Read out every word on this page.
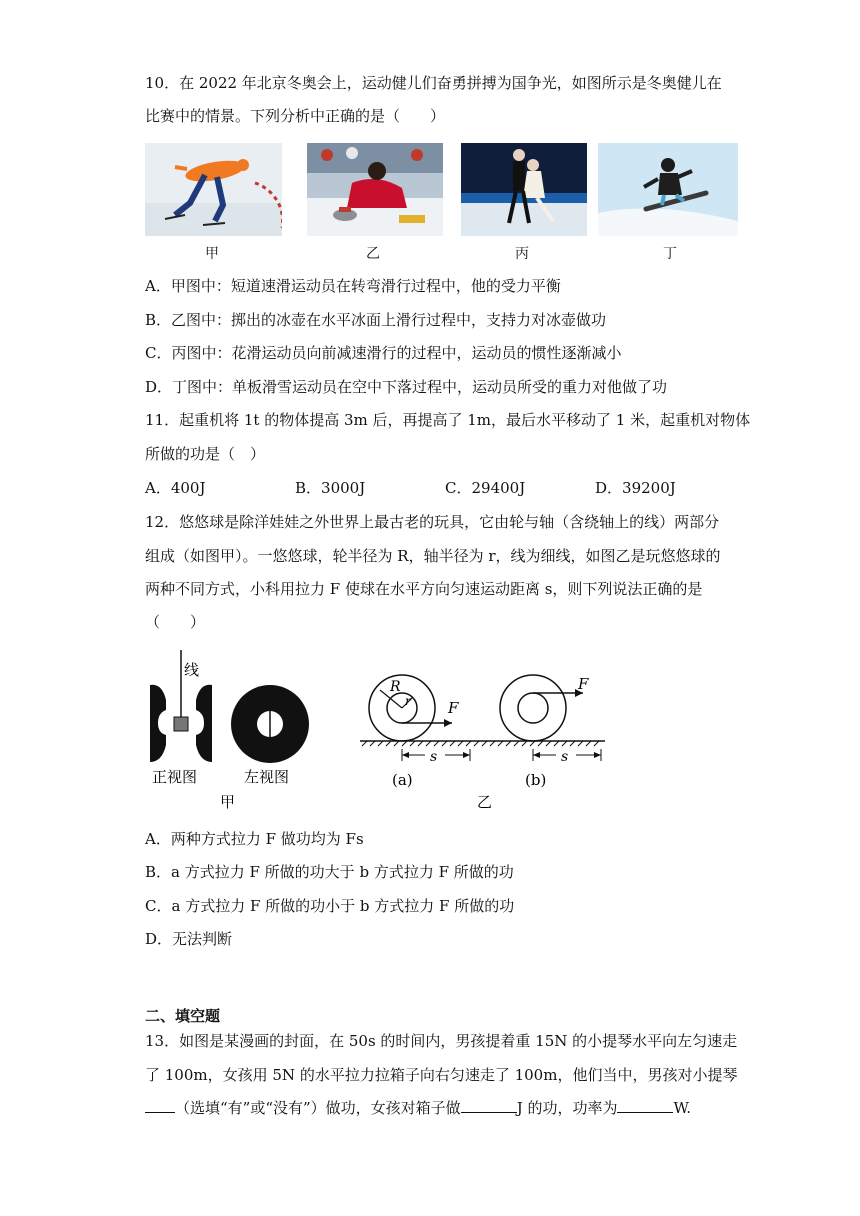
10．在 2022 年北京冬奥会上，运动健儿们奋勇拼搏为国争光，如图所示是冬奥健儿在
比赛中的情景。下列分析中正确的是（　　）
甲	乙	丙	丁
A．甲图中：短道速滑运动员在转弯滑行过程中，他的受力平衡
B．乙图中：掷出的冰壶在水平冰面上滑行过程中，支持力对冰壶做功
C．丙图中：花滑运动员向前减速滑行的过程中，运动员的惯性逐渐减小
D．丁图中：单板滑雪运动员在空中下落过程中，运动员所受的重力对他做了功
11．起重机将 1t 的物体提高 3m 后，再提高了 1m，最后水平移动了 1 米，起重机对物体
所做的功是（　）
A．400J	B．3000J	C．29400J	D．39200J
12．悠悠球是除洋娃娃之外世界上最古老的玩具，它由轮与轴（含绕轴上的线）两部分
组成（如图甲）。一悠悠球，轮半径为 R，轴半径为 r，线为细线，如图乙是玩悠悠球的
两种不同方式，小科用拉力 F 使球在水平方向匀速运动距离 s，则下列说法正确的是
（　　）
线
正视图	左视图
甲
R
r F
s
(a)
F
s
(b)
乙
A．两种方式拉力 F 做功均为 Fs
B．a 方式拉力 F 所做的功大于 b 方式拉力 F 所做的功
C．a 方式拉力 F 所做的功小于 b 方式拉力 F 所做的功
D．无法判断
二、填空题
13．如图是某漫画的封面，在 50s 的时间内，男孩提着重 15N 的小提琴水平向左匀速走
了 100m，女孩用 5N 的水平拉力拉箱子向右匀速走了 100m，他们当中，男孩对小提琴
（选填“有”或“没有”）做功，女孩对箱子做	J 的功，功率为	W.
